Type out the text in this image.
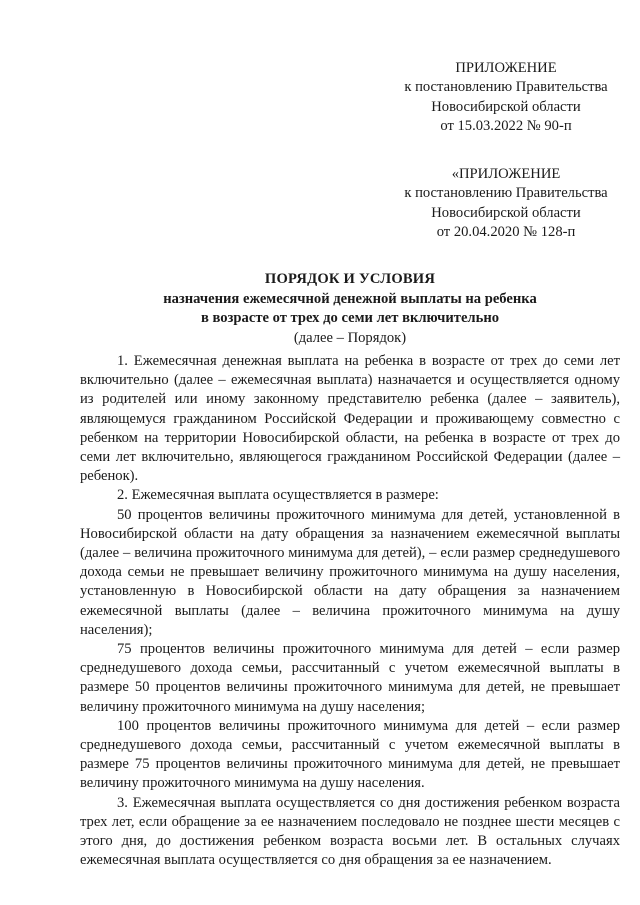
ПРИЛОЖЕНИЕ
к постановлению Правительства
Новосибирской области
от 15.03.2022 № 90-п
«ПРИЛОЖЕНИЕ
к постановлению Правительства
Новосибирской области
от 20.04.2020 № 128-п
ПОРЯДОК И УСЛОВИЯ
назначения ежемесячной денежной выплаты на ребенка
в возрасте от трех до семи лет включительно
(далее – Порядок)

1. Ежемесячная денежная выплата на ребенка в возрасте от трех до семи лет включительно (далее – ежемесячная выплата) назначается и осуществляется одному из родителей или иному законному представителю ребенка (далее – заявитель), являющемуся гражданином Российской Федерации и проживающему совместно с ребенком на территории Новосибирской области, на ребенка в возрасте от трех до семи лет включительно, являющегося гражданином Российской Федерации (далее – ребенок).

2. Ежемесячная выплата осуществляется в размере:

50 процентов величины прожиточного минимума для детей, установленной в Новосибирской области на дату обращения за назначением ежемесячной выплаты (далее – величина прожиточного минимума для детей), – если размер среднедушевого дохода семьи не превышает величину прожиточного минимума на душу населения, установленную в Новосибирской области на дату обращения за назначением ежемесячной выплаты (далее – величина прожиточного минимума на душу населения);

75 процентов величины прожиточного минимума для детей – если размер среднедушевого дохода семьи, рассчитанный с учетом ежемесячной выплаты в размере 50 процентов величины прожиточного минимума для детей, не превышает величину прожиточного минимума на душу населения;

100 процентов величины прожиточного минимума для детей – если размер среднедушевого дохода семьи, рассчитанный с учетом ежемесячной выплаты в размере 75 процентов величины прожиточного минимума для детей, не превышает величину прожиточного минимума на душу населения.

3. Ежемесячная выплата осуществляется со дня достижения ребенком возраста трех лет, если обращение за ее назначением последовало не позднее шести месяцев с этого дня, до достижения ребенком возраста восьми лет. В остальных случаях ежемесячная выплата осуществляется со дня обращения за ее назначением.
